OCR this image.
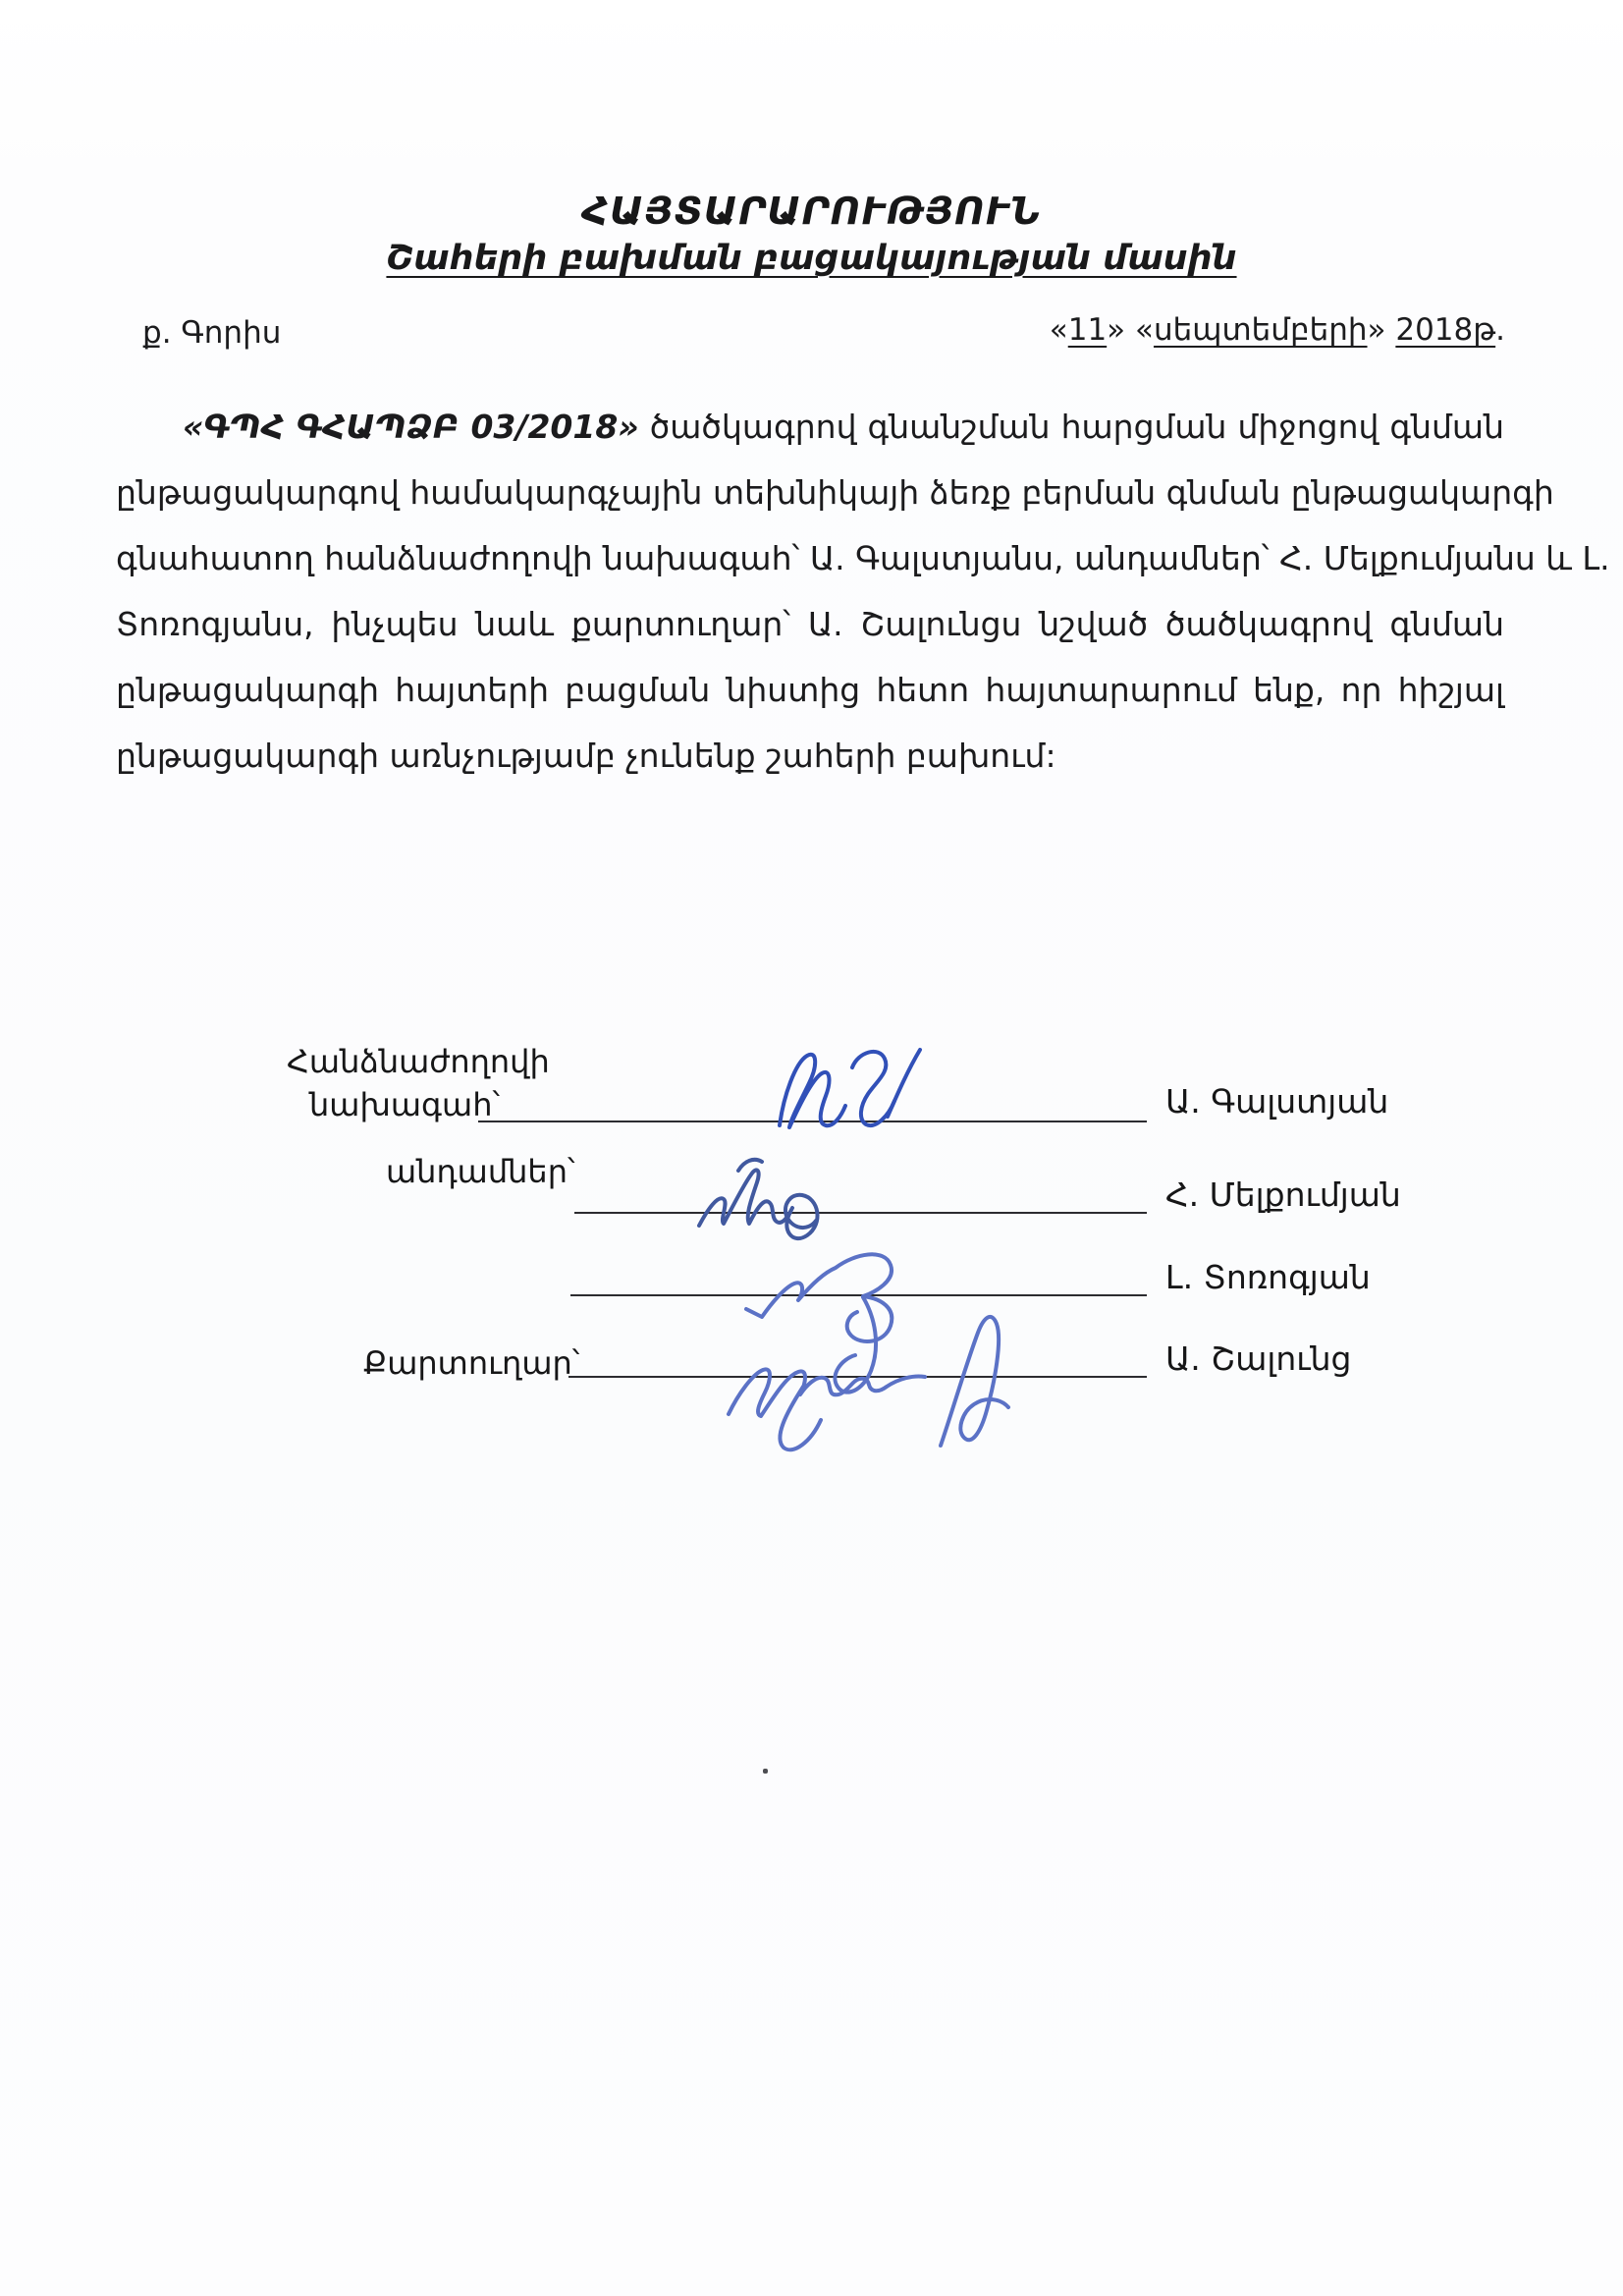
ՀԱՅՏԱՐԱՐՈՒԹՅՈՒՆ
Շահերի բախման բացակայության մասին
ք. Գորիս	«11» «սեպտեմբերի» 2018թ.
«ԳՊՀ ԳՀԱՊՁԲ 03/2018» ծածկագրով գնանշման հարցման միջոցով գնման
ընթացակարգով համակարգչային տեխնիկայի ձեռք բերման գնման ընթացակարգի
գնահատող հանձնաժողովի նախագահ՝ Ա. Գալստյանս, անդամներ՝ Հ. Մելքումյանս և Լ.
Տոռոգյանս, ինչպես նաև քարտուղար՝ Ա. Շալունցս նշված ծածկագրով գնման
ընթացակարգի հայտերի բացման նիստից հետո հայտարարում ենք, որ հիշյալ
ընթացակարգի առնչությամբ չունենք շահերի բախում:
Հանձնաժողովի
նախագահ՝
անդամներ՝
Քարտուղար՝
Ա. Գալստյան
Հ. Մելքումյան
Լ. Տոռոգյան
Ա. Շալունց
